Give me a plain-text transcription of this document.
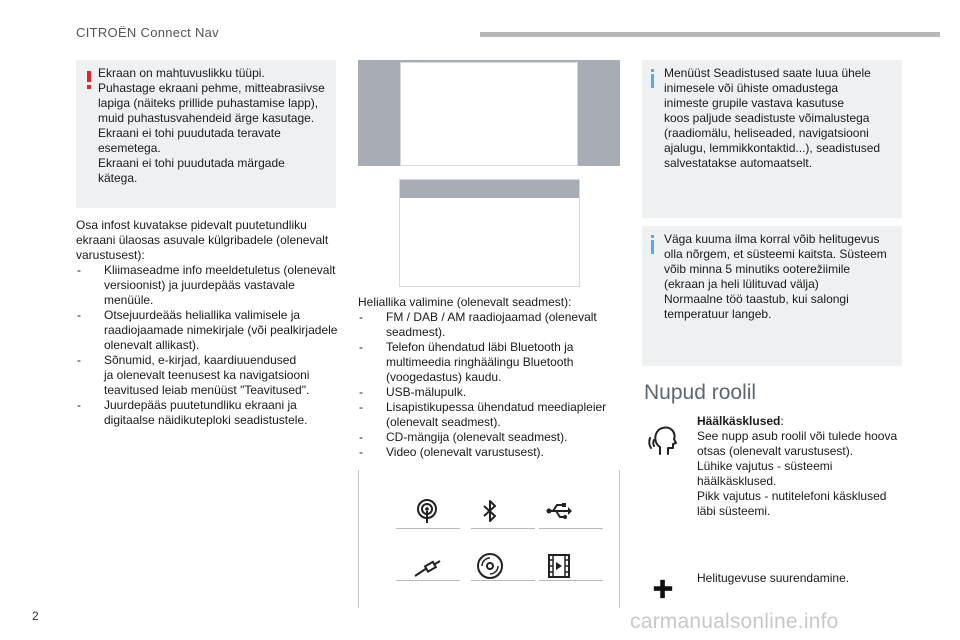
CITROËN Connect Nav

Ekraan on mahtuvuslikku tüüpi.

Puhastage ekraani pehme, mitteabrasiivse

lapiga (näiteks prillide puhastamise lapp),

muid puhastusvahendeid ärge kasutage.

Ekraani ei tohi puudutada teravate

esemetega.

Ekraani ei tohi puudutada märgade

kätega.

Osa infost kuvatakse pidevalt puutetundliku

ekraani ülaosas asuvale külgribadele (olenevalt

varustusest):

- Kliimaseadme info meeldetuletus (olenevalt
versioonist) ja juurdepääs vastavale
menüüle.
- Otsejuurdeääs heliallika valimisele ja
raadiojaamade nimekirjale (või pealkirjadele
olenevalt allikast).
- Sõnumid, e-kirjad, kaardiuuendused
ja olenevalt teenusest ka navigatsiooni
teavitused leiab menüüst "Teavitused".
- Juurdepääs puutetundliku ekraani ja
digitaalse näidikuteploki seadistustele.

Heliallika valimine (olenevalt seadmest):

- FM / DAB / AM raadiojaamad (olenevalt
seadmest).
- Telefon ühendatud läbi Bluetooth ja
multimeedia ringhäälingu Bluetooth
(voogedastus) kaudu.
- USB-mälupulk.
- Lisapistikupessa ühendatud meediapleier
(olenevalt seadmest).
- CD-mängija (olenevalt seadmest).
- Video (olenevalt varustusest).

Menüüst Seadistused saate luua ühele

inimesele või ühiste omadustega

inimeste grupile vastava kasutuse

koos paljude seadistuste võimalustega

(raadiomälu, heliseaded, navigatsiooni

ajalugu, lemmikkontaktid...), seadistused

salvestatakse automaatselt.

Väga kuuma ilma korral võib helitugevus

olla nõrgem, et süsteemi kaitsta. Süsteem

võib minna 5 minutiks ooterežiimile

(ekraan ja heli lülituvad välja)

Normaalne töö taastub, kui salongi

temperatuur langeb.

Nupud roolil

Häälkäsklused:

See nupp asub roolil või tulede hoova

otsas (olenevalt varustusest).

Lühike vajutus - süsteemi

häälkäsklused.

Pikk vajutus - nutitelefoni käsklused

läbi süsteemi.

Helitugevuse suurendamine.
2	carmanualsonline.info
